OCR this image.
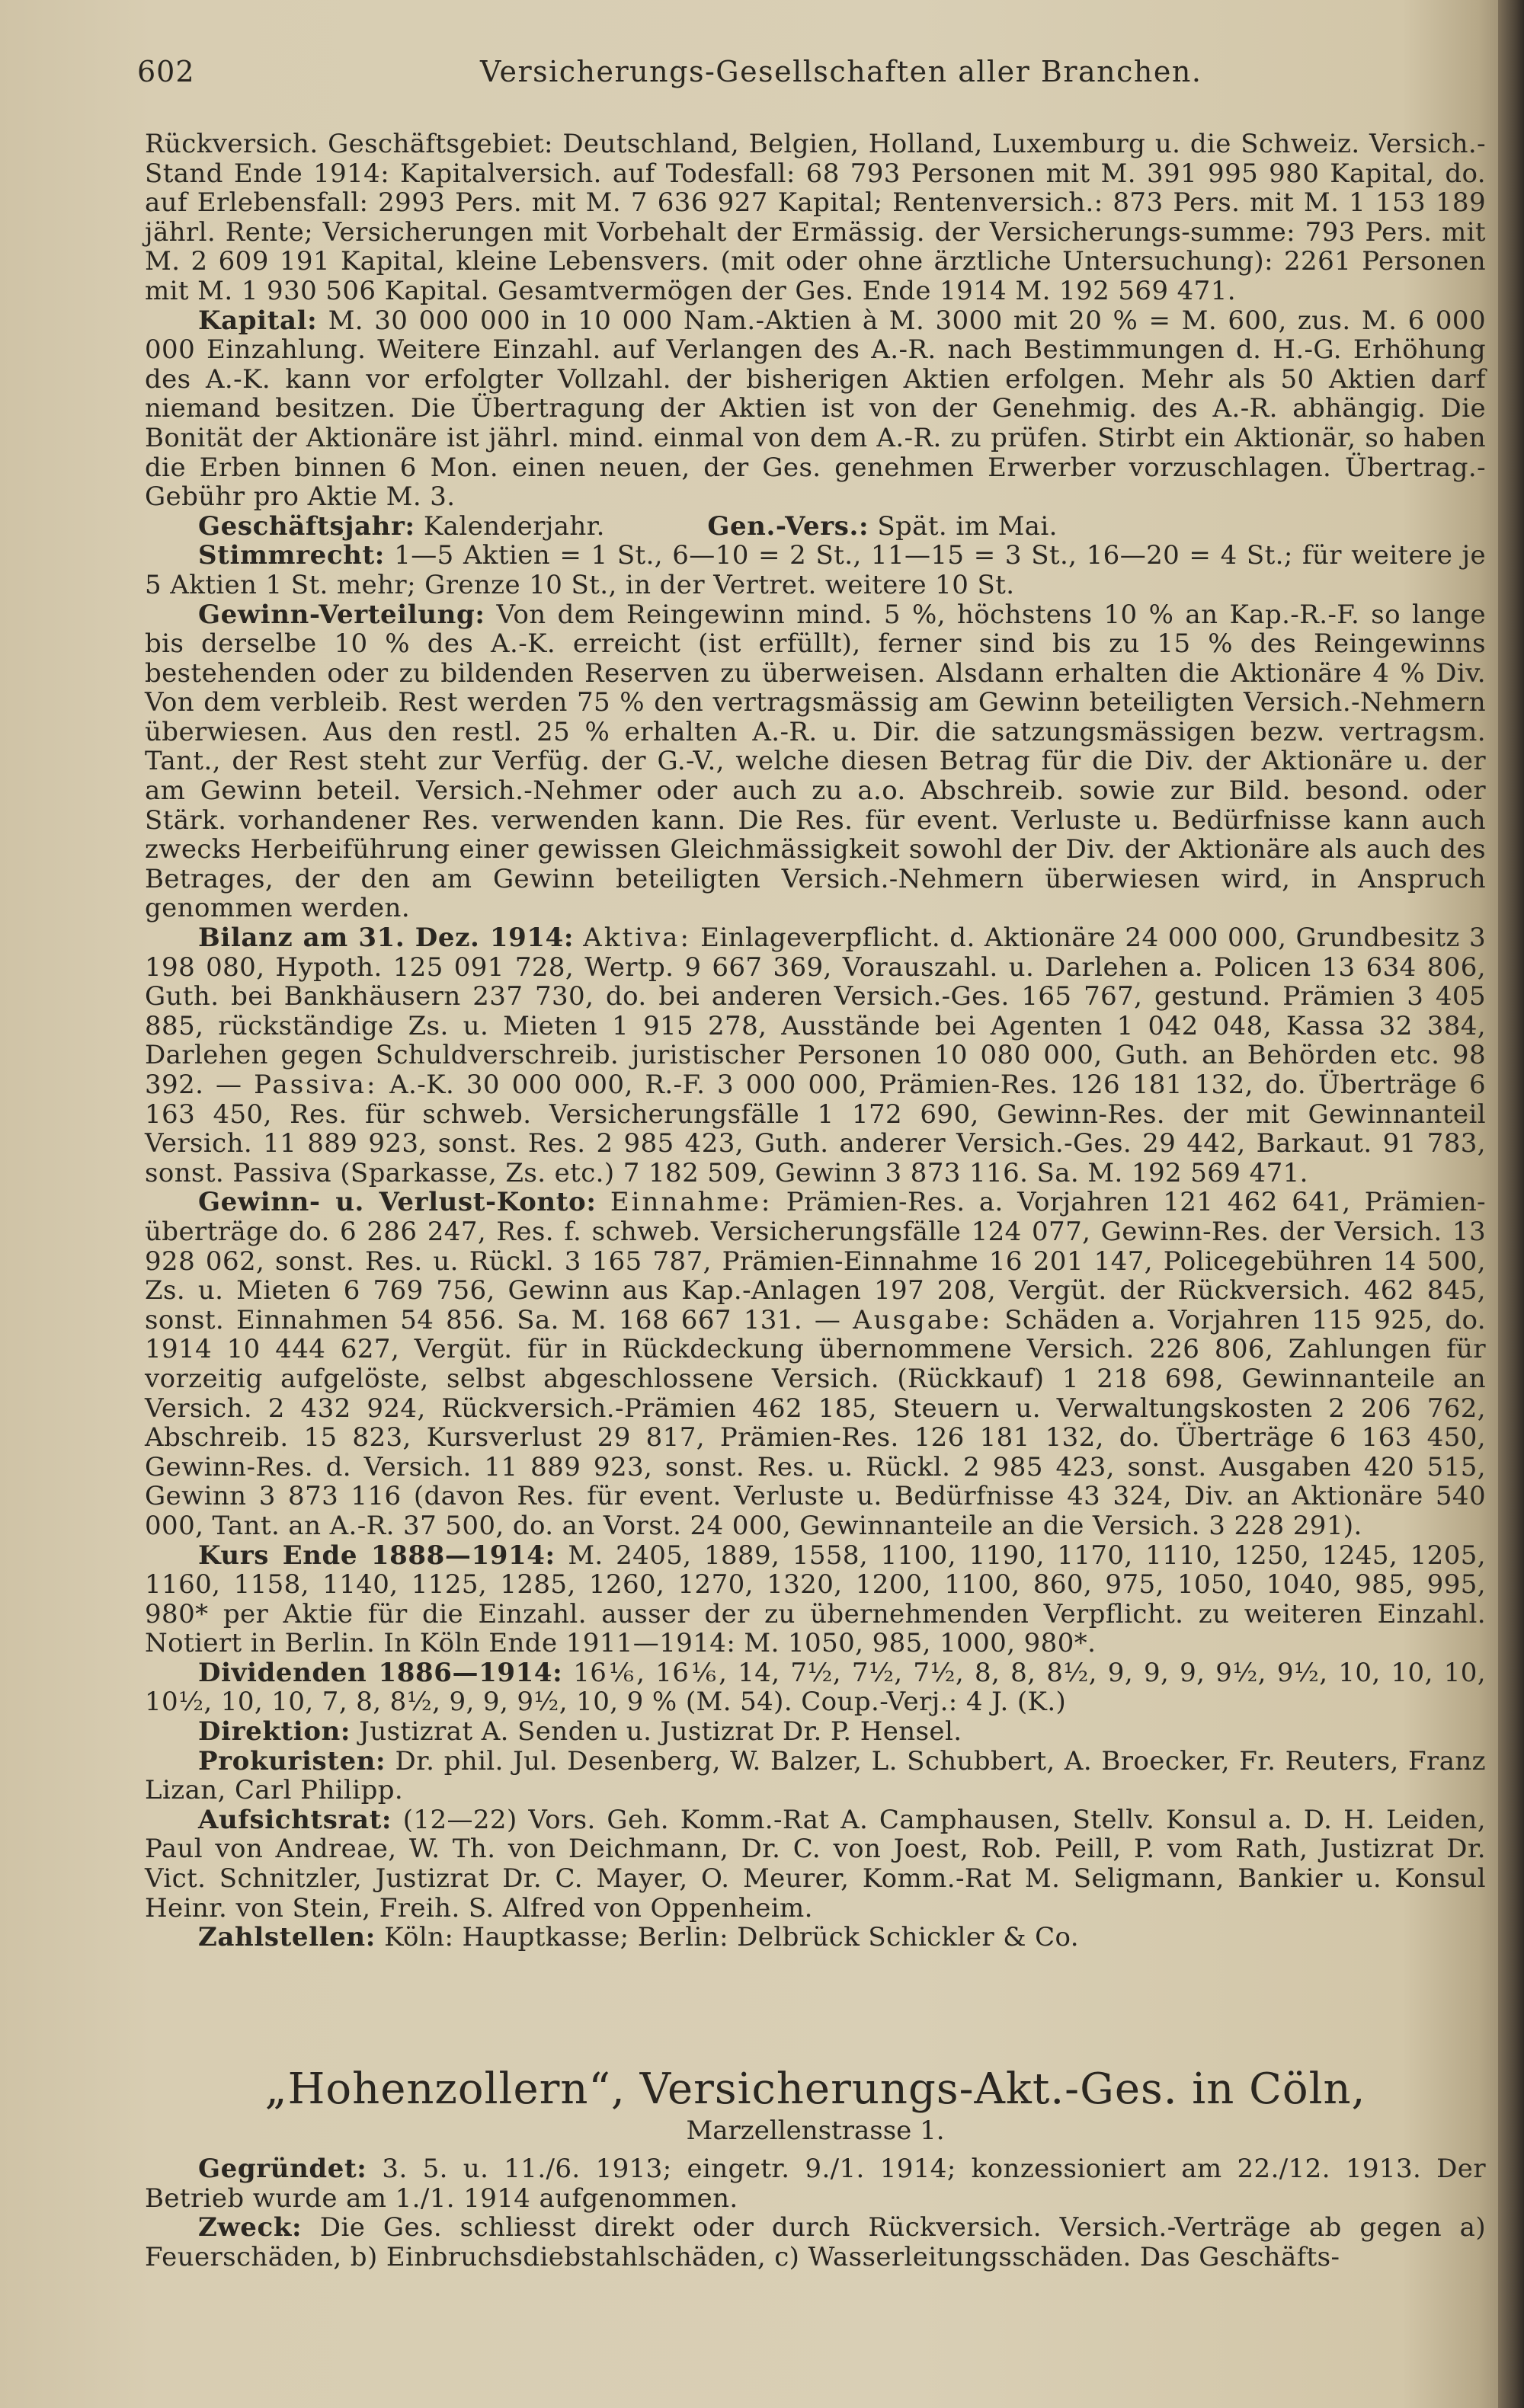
602	Versicherungs-Gesellschaften aller Branchen.

Rückversich. Geschäftsgebiet: Deutschland, Belgien, Holland, Luxemburg u. die Schweiz. Versich.-Stand Ende 1914: Kapitalversich. auf Todesfall: 68 793 Personen mit M. 391 995 980 Kapital, do. auf Erlebensfall: 2993 Pers. mit M. 7 636 927 Kapital; Rentenversich.: 873 Pers. mit M. 1 153 189 jährl. Rente; Versicherungen mit Vorbehalt der Ermässig. der Versicherungs-summe: 793 Pers. mit M. 2 609 191 Kapital, kleine Lebensvers. (mit oder ohne ärztliche Untersuchung): 2261 Personen mit M. 1 930 506 Kapital. Gesamtvermögen der Ges. Ende 1914 M. 192 569 471.

Kapital: M. 30 000 000 in 10 000 Nam.-Aktien à M. 3000 mit 20 % = M. 600, zus. M. 6 000 000 Einzahlung. Weitere Einzahl. auf Verlangen des A.-R. nach Bestimmungen d. H.-G. Erhöhung des A.-K. kann vor erfolgter Vollzahl. der bisherigen Aktien erfolgen. Mehr als 50 Aktien darf niemand besitzen. Die Übertragung der Aktien ist von der Genehmig. des A.-R. abhängig. Die Bonität der Aktionäre ist jährl. mind. einmal von dem A.-R. zu prüfen. Stirbt ein Aktionär, so haben die Erben binnen 6 Mon. einen neuen, der Ges. genehmen Erwerber vorzuschlagen. Übertrag.-Gebühr pro Aktie M. 3.

Geschäftsjahr: Kalenderjahr.	Gen.-Vers.: Spät. im Mai.

Stimmrecht: 1—5 Aktien = 1 St., 6—10 = 2 St., 11—15 = 3 St., 16—20 = 4 St.; für weitere je 5 Aktien 1 St. mehr; Grenze 10 St., in der Vertret. weitere 10 St.

Gewinn-Verteilung: Von dem Reingewinn mind. 5 %, höchstens 10 % an Kap.-R.-F. so lange bis derselbe 10 % des A.-K. erreicht (ist erfüllt), ferner sind bis zu 15 % des Reingewinns bestehenden oder zu bildenden Reserven zu überweisen. Alsdann erhalten die Aktionäre 4 % Div. Von dem verbleib. Rest werden 75 % den vertragsmässig am Gewinn beteiligten Versich.-Nehmern überwiesen. Aus den restl. 25 % erhalten A.-R. u. Dir. die satzungsmässigen bezw. vertragsm. Tant., der Rest steht zur Verfüg. der G.-V., welche diesen Betrag für die Div. der Aktionäre u. der am Gewinn beteil. Versich.-Nehmer oder auch zu a.o. Abschreib. sowie zur Bild. besond. oder Stärk. vorhandener Res. verwenden kann. Die Res. für event. Verluste u. Bedürfnisse kann auch zwecks Herbeiführung einer gewissen Gleichmässigkeit sowohl der Div. der Aktionäre als auch des Betrages, der den am Gewinn beteiligten Versich.-Nehmern überwiesen wird, in Anspruch genommen werden.

Bilanz am 31. Dez. 1914: Aktiva: Einlageverpflicht. d. Aktionäre 24 000 000, Grundbesitz 3 198 080, Hypoth. 125 091 728, Wertp. 9 667 369, Vorauszahl. u. Darlehen a. Policen 13 634 806, Guth. bei Bankhäusern 237 730, do. bei anderen Versich.-Ges. 165 767, gestund. Prämien 3 405 885, rückständige Zs. u. Mieten 1 915 278, Ausstände bei Agenten 1 042 048, Kassa 32 384, Darlehen gegen Schuldverschreib. juristischer Personen 10 080 000, Guth. an Behörden etc. 98 392. — Passiva: A.-K. 30 000 000, R.-F. 3 000 000, Prämien-Res. 126 181 132, do. Überträge 6 163 450, Res. für schweb. Versicherungsfälle 1 172 690, Gewinn-Res. der mit Gewinnanteil Versich. 11 889 923, sonst. Res. 2 985 423, Guth. anderer Versich.-Ges. 29 442, Barkaut. 91 783, sonst. Passiva (Sparkasse, Zs. etc.) 7 182 509, Gewinn 3 873 116. Sa. M. 192 569 471.

Gewinn- u. Verlust-Konto: Einnahme: Prämien-Res. a. Vorjahren 121 462 641, Prämien-überträge do. 6 286 247, Res. f. schweb. Versicherungsfälle 124 077, Gewinn-Res. der Versich. 13 928 062, sonst. Res. u. Rückl. 3 165 787, Prämien-Einnahme 16 201 147, Policegebühren 14 500, Zs. u. Mieten 6 769 756, Gewinn aus Kap.-Anlagen 197 208, Vergüt. der Rückversich. 462 845, sonst. Einnahmen 54 856. Sa. M. 168 667 131. — Ausgabe: Schäden a. Vorjahren 115 925, do. 1914 10 444 627, Vergüt. für in Rückdeckung übernommene Versich. 226 806, Zahlungen für vorzeitig aufgelöste, selbst abgeschlossene Versich. (Rückkauf) 1 218 698, Gewinnanteile an Versich. 2 432 924, Rückversich.-Prämien 462 185, Steuern u. Verwaltungskosten 2 206 762, Abschreib. 15 823, Kursverlust 29 817, Prämien-Res. 126 181 132, do. Überträge 6 163 450, Gewinn-Res. d. Versich. 11 889 923, sonst. Res. u. Rückl. 2 985 423, sonst. Ausgaben 420 515, Gewinn 3 873 116 (davon Res. für event. Verluste u. Bedürfnisse 43 324, Div. an Aktionäre 540 000, Tant. an A.-R. 37 500, do. an Vorst. 24 000, Gewinnanteile an die Versich. 3 228 291).

Kurs Ende 1888—1914: M. 2405, 1889, 1558, 1100, 1190, 1170, 1110, 1250, 1245, 1205, 1160, 1158, 1140, 1125, 1285, 1260, 1270, 1320, 1200, 1100, 860, 975, 1050, 1040, 985, 995, 980* per Aktie für die Einzahl. ausser der zu übernehmenden Verpflicht. zu weiteren Einzahl. Notiert in Berlin. In Köln Ende 1911—1914: M. 1050, 985, 1000, 980*.

Dividenden 1886—1914: 16⅙, 16⅙, 14, 7½, 7½, 7½, 8, 8, 8½, 9, 9, 9, 9½, 9½, 10, 10, 10, 10½, 10, 10, 7, 8, 8½, 9, 9, 9½, 10, 9 % (M. 54). Coup.-Verj.: 4 J. (K.)

Direktion: Justizrat A. Senden u. Justizrat Dr. P. Hensel.

Prokuristen: Dr. phil. Jul. Desenberg, W. Balzer, L. Schubbert, A. Broecker, Fr. Reuters, Franz Lizan, Carl Philipp.

Aufsichtsrat: (12—22) Vors. Geh. Komm.-Rat A. Camphausen, Stellv. Konsul a. D. H. Leiden, Paul von Andreae, W. Th. von Deichmann, Dr. C. von Joest, Rob. Peill, P. vom Rath, Justizrat Dr. Vict. Schnitzler, Justizrat Dr. C. Mayer, O. Meurer, Komm.-Rat M. Seligmann, Bankier u. Konsul Heinr. von Stein, Freih. S. Alfred von Oppenheim.

Zahlstellen: Köln: Hauptkasse; Berlin: Delbrück Schickler & Co.

„Hohenzollern“, Versicherungs-Akt.-Ges. in Cöln,
Marzellenstrasse 1.

Gegründet: 3. 5. u. 11./6. 1913; eingetr. 9./1. 1914; konzessioniert am 22./12. 1913. Der Betrieb wurde am 1./1. 1914 aufgenommen.

Zweck: Die Ges. schliesst direkt oder durch Rückversich. Versich.-Verträge ab gegen a) Feuerschäden, b) Einbruchsdiebstahlschäden, c) Wasserleitungsschäden. Das Geschäfts-
